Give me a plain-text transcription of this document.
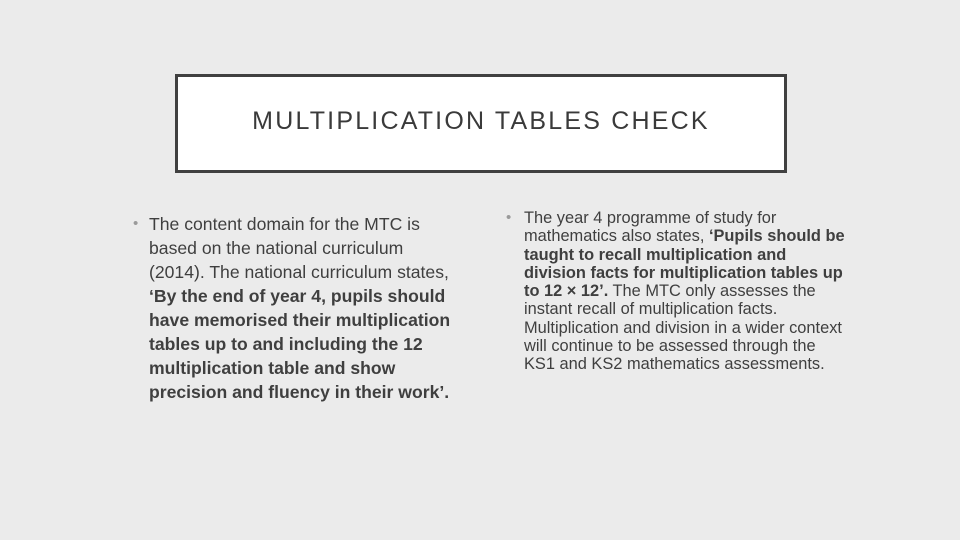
MULTIPLICATION TABLES CHECK
• The content domain for the MTC is based on the national curriculum (2014). The national curriculum states, ‘By the end of year 4, pupils should have memorised their multiplication tables up to and including the 12 multiplication table and show precision and fluency in their work’.

• The year 4 programme of study for mathematics also states, ‘Pupils should be taught to recall multiplication and division facts for multiplication tables up to 12 × 12’. The MTC only assesses the instant recall of multiplication facts. Multiplication and division in a wider context will continue to be assessed through the KS1 and KS2 mathematics assessments.
